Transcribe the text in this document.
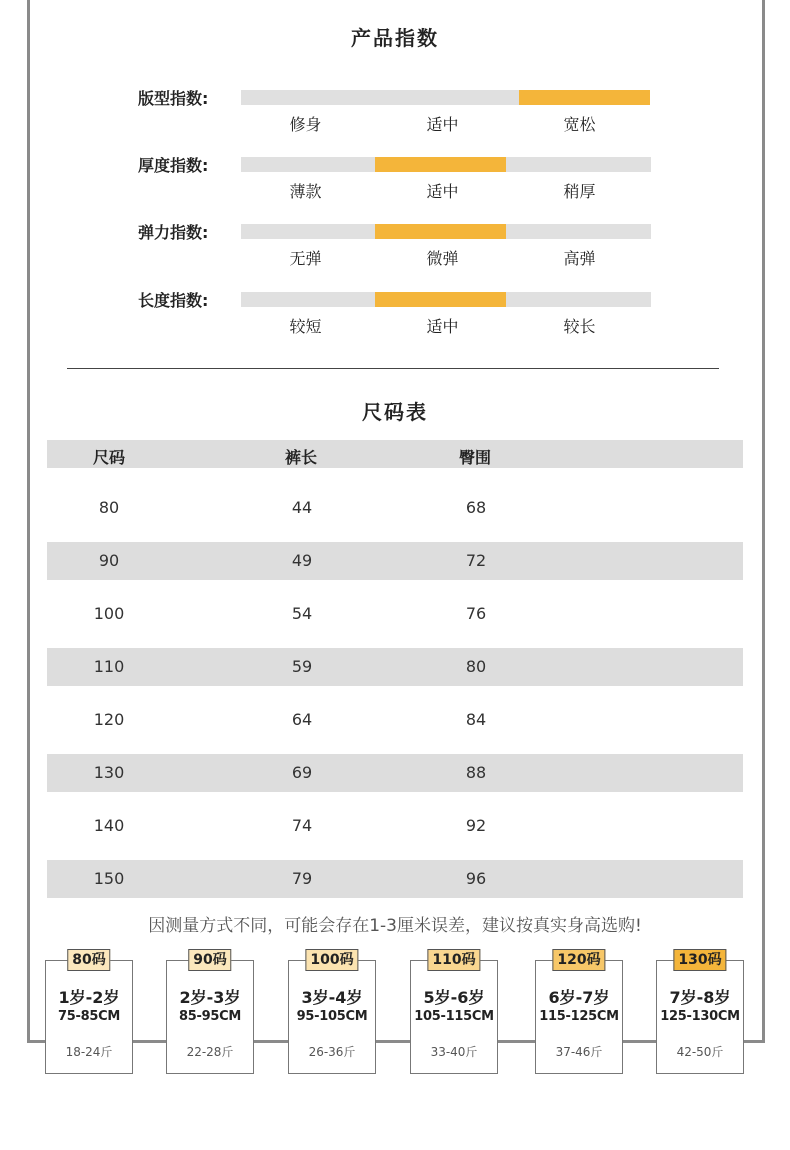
产品指数
版型指数:
修身	适中	宽松
厚度指数:
薄款	适中	稍厚
弹力指数:
无弹	微弹	高弹
长度指数:
较短	适中	较长
尺码表
尺码	裤长	臀围
80	44	68
90	49	72
100	54	76
110	59	80
120	64	84
130	69	88
140	74	92
150	79	96
因测量方式不同，可能会存在1-3厘米误差，建议按真实身高选购!
80码
1岁-2岁
75-85CM
18-24斤
90码
2岁-3岁
85-95CM
22-28斤
100码
3岁-4岁
95-105CM
26-36斤
110码
5岁-6岁
105-115CM
33-40斤
120码
6岁-7岁
115-125CM
37-46斤
130码
7岁-8岁
125-130CM
42-50斤
